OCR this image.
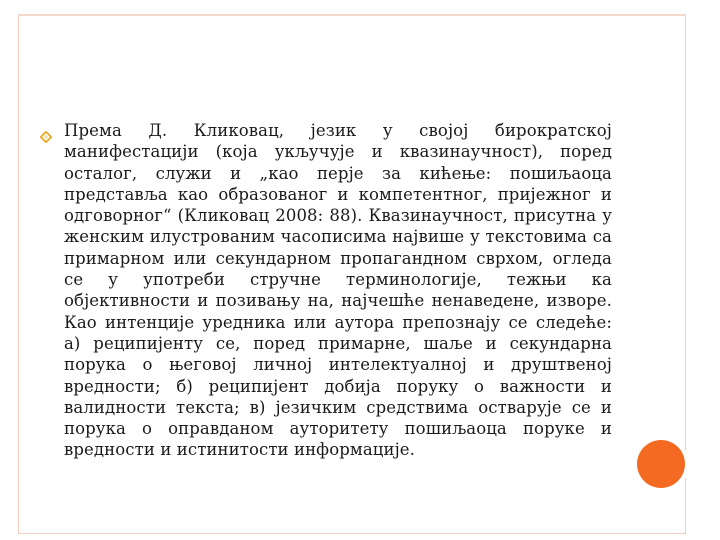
Према Д. Кликовац, језик у својој бирократској манифестацији (која укључује и квазинаучност), поред осталог, служи и „као перје за кићење: пошиљаоца представља као образованог и компетентног, пријежног и одговорног“ (Кликовац 2008: 88). Квазинаучност, присутна у женским илустрованим часописима највише у текстовима са примарном или секундарном пропагандном сврхом, огледа се у употреби стручне терминологије, тежњи ка објективности и позивању на, најчешће ненаведене, изворе. Као интенције уредника или аутора препознају се следеће: а) реципијенту се, поред примарне, шаље и секундарна порука о његовој личној интелектуалној и друштвеној вредности; б) реципијент добија поруку о важности и валидности текста; в) језичким средствима остварује се и порука о оправданом ауторитету пошиљаоца поруке и вредности и истинитости информације.
